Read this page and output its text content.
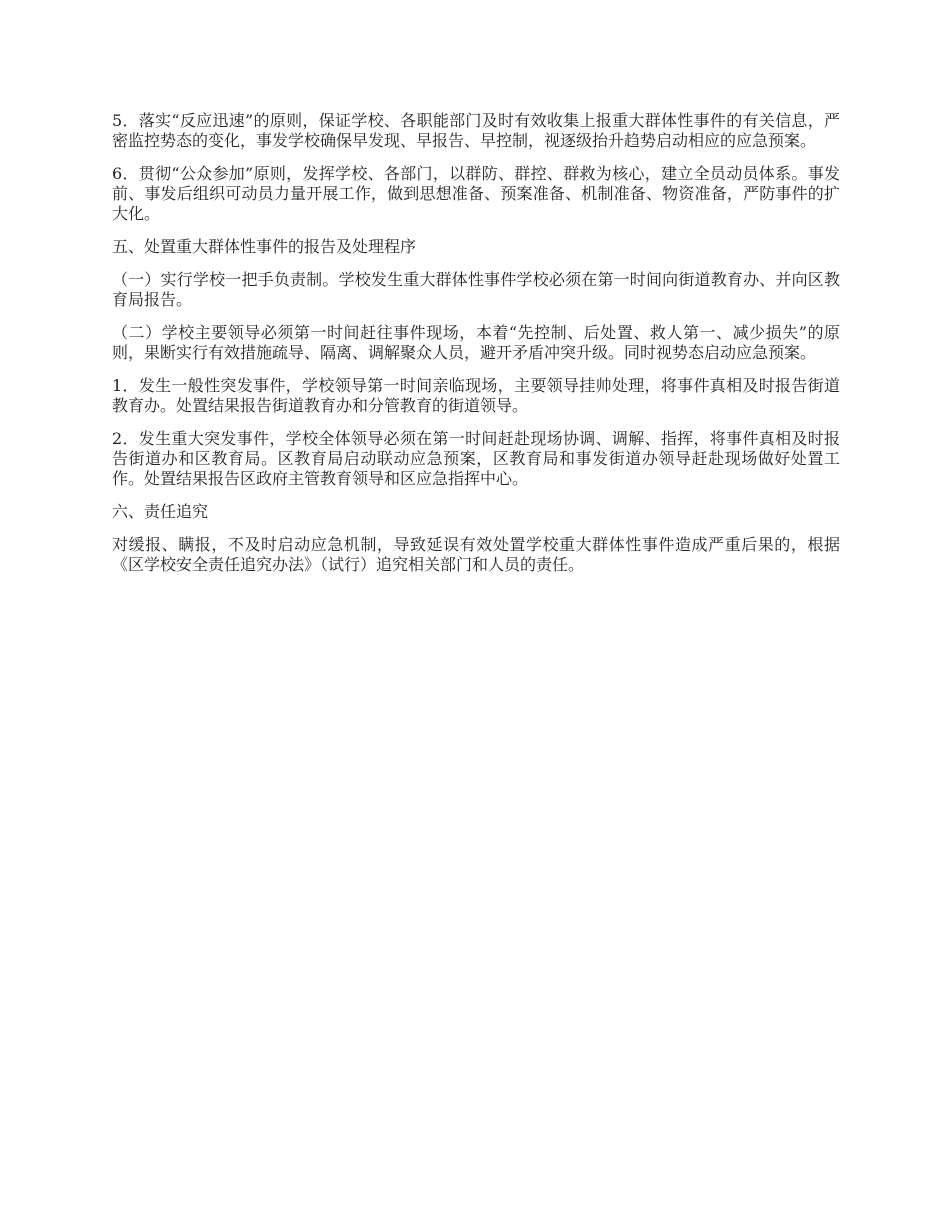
5．落实“反应迅速”的原则，保证学校、各职能部门及时有效收集上报重大群体性事件的有关信息，严密监控势态的变化，事发学校确保早发现、早报告、早控制，视逐级抬升趋势启动相应的应急预案。

6．贯彻“公众参加”原则，发挥学校、各部门，以群防、群控、群救为核心，建立全员动员体系。事发前、事发后组织可动员力量开展工作，做到思想准备、预案准备、机制准备、物资准备，严防事件的扩大化。

五、处置重大群体性事件的报告及处理程序

（一）实行学校一把手负责制。学校发生重大群体性事件学校必须在第一时间向街道教育办、并向区教育局报告。

（二）学校主要领导必须第一时间赶往事件现场，本着“先控制、后处置、救人第一、减少损失”的原则，果断实行有效措施疏导、隔离、调解聚众人员，避开矛盾冲突升级。同时视势态启动应急预案。

1．发生一般性突发事件，学校领导第一时间亲临现场，主要领导挂帅处理，将事件真相及时报告街道教育办。处置结果报告街道教育办和分管教育的街道领导。

2．发生重大突发事件，学校全体领导必须在第一时间赶赴现场协调、调解、指挥，将事件真相及时报告街道办和区教育局。区教育局启动联动应急预案，区教育局和事发街道办领导赶赴现场做好处置工作。处置结果报告区政府主管教育领导和区应急指挥中心。

六、责任追究

对缓报、瞒报，不及时启动应急机制，导致延误有效处置学校重大群体性事件造成严重后果的，根据《区学校安全责任追究办法》（试行）追究相关部门和人员的责任。
